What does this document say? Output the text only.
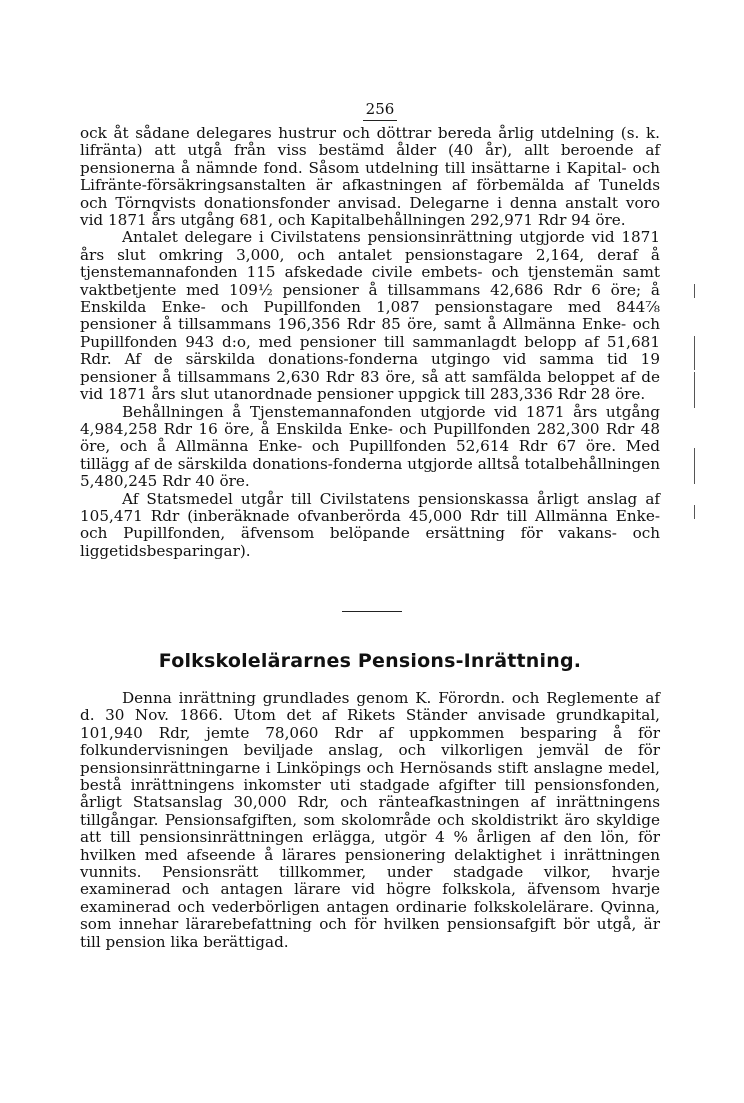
256

ock åt sådane delegares hustrur och döttrar bereda årlig utdelning (s. k. lifränta) att utgå från viss bestämd ålder (40 år), allt beroende af pensionerna å nämnde fond. Såsom utdelning till insättarne i Kapital- och Lifränte-försäkringsanstalten är afkastningen af förbemälda af Tunelds och Törnqvists donationsfonder anvisad. Delegarne i denna anstalt voro vid 1871 års utgång 681, och Kapitalbehållningen 292,971 Rdr 94 öre.

Antalet delegare i Civilstatens pensionsinrättning utgjorde vid 1871 års slut omkring 3,000, och antalet pensionstagare 2,164, deraf å tjenstemannafonden 115 afskedade civile embets- och tjenstemän samt vaktbetjente med 109½ pensioner å tillsammans 42,686 Rdr 6 öre; å Enskilda Enke- och Pupillfonden 1,087 pensionstagare med 844⅞ pensioner å tillsammans 196,356 Rdr 85 öre, samt å Allmänna Enke- och Pupillfonden 943 d:o, med pensioner till sammanlagdt belopp af 51,681 Rdr. Af de särskilda donations-fonderna utgingo vid samma tid 19 pensioner å tillsammans 2,630 Rdr 83 öre, så att samfälda beloppet af de vid 1871 års slut utanordnade pensioner uppgick till 283,336 Rdr 28 öre.

Behållningen å Tjenstemannafonden utgjorde vid 1871 års utgång 4,984,258 Rdr 16 öre, å Enskilda Enke- och Pupillfonden 282,300 Rdr 48 öre, och å Allmänna Enke- och Pupillfonden 52,614 Rdr 67 öre. Med tillägg af de särskilda donations-fonderna utgjorde alltså totalbehållningen 5,480,245 Rdr 40 öre.

Af Statsmedel utgår till Civilstatens pensionskassa årligt anslag af 105,471 Rdr (inberäknade ofvanberörda 45,000 Rdr till Allmänna Enke- och Pupillfonden, äfvensom belöpande ersättning för vakans- och liggetidsbesparingar).

Folkskolelärarnes Pensions-Inrättning.

Denna inrättning grundlades genom K. Förordn. och Reglemente af d. 30 Nov. 1866. Utom det af Rikets Ständer anvisade grundkapital, 101,940 Rdr, jemte 78,060 Rdr af uppkommen besparing å för folkundervisningen beviljade anslag, och vilkorligen jemväl de för pensionsinrättningarne i Linköpings och Hernösands stift anslagne medel, bestå inrättningens inkomster uti stadgade afgifter till pensionsfonden, årligt Statsanslag 30,000 Rdr, och ränteafkastningen af inrättningens tillgångar. Pensionsafgiften, som skolområde och skoldistrikt äro skyldige att till pensionsinrättningen erlägga, utgör 4 % årligen af den lön, för hvilken med afseende å lärares pensionering delaktighet i inrättningen vunnits. Pensionsrätt tillkommer, under stadgade vilkor, hvarje examinerad och antagen lärare vid högre folkskola, äfvensom hvarje examinerad och vederbörligen antagen ordinarie folkskolelärare. Qvinna, som innehar lärarebefattning och för hvilken pensionsafgift bör utgå, är till pension lika berättigad.
